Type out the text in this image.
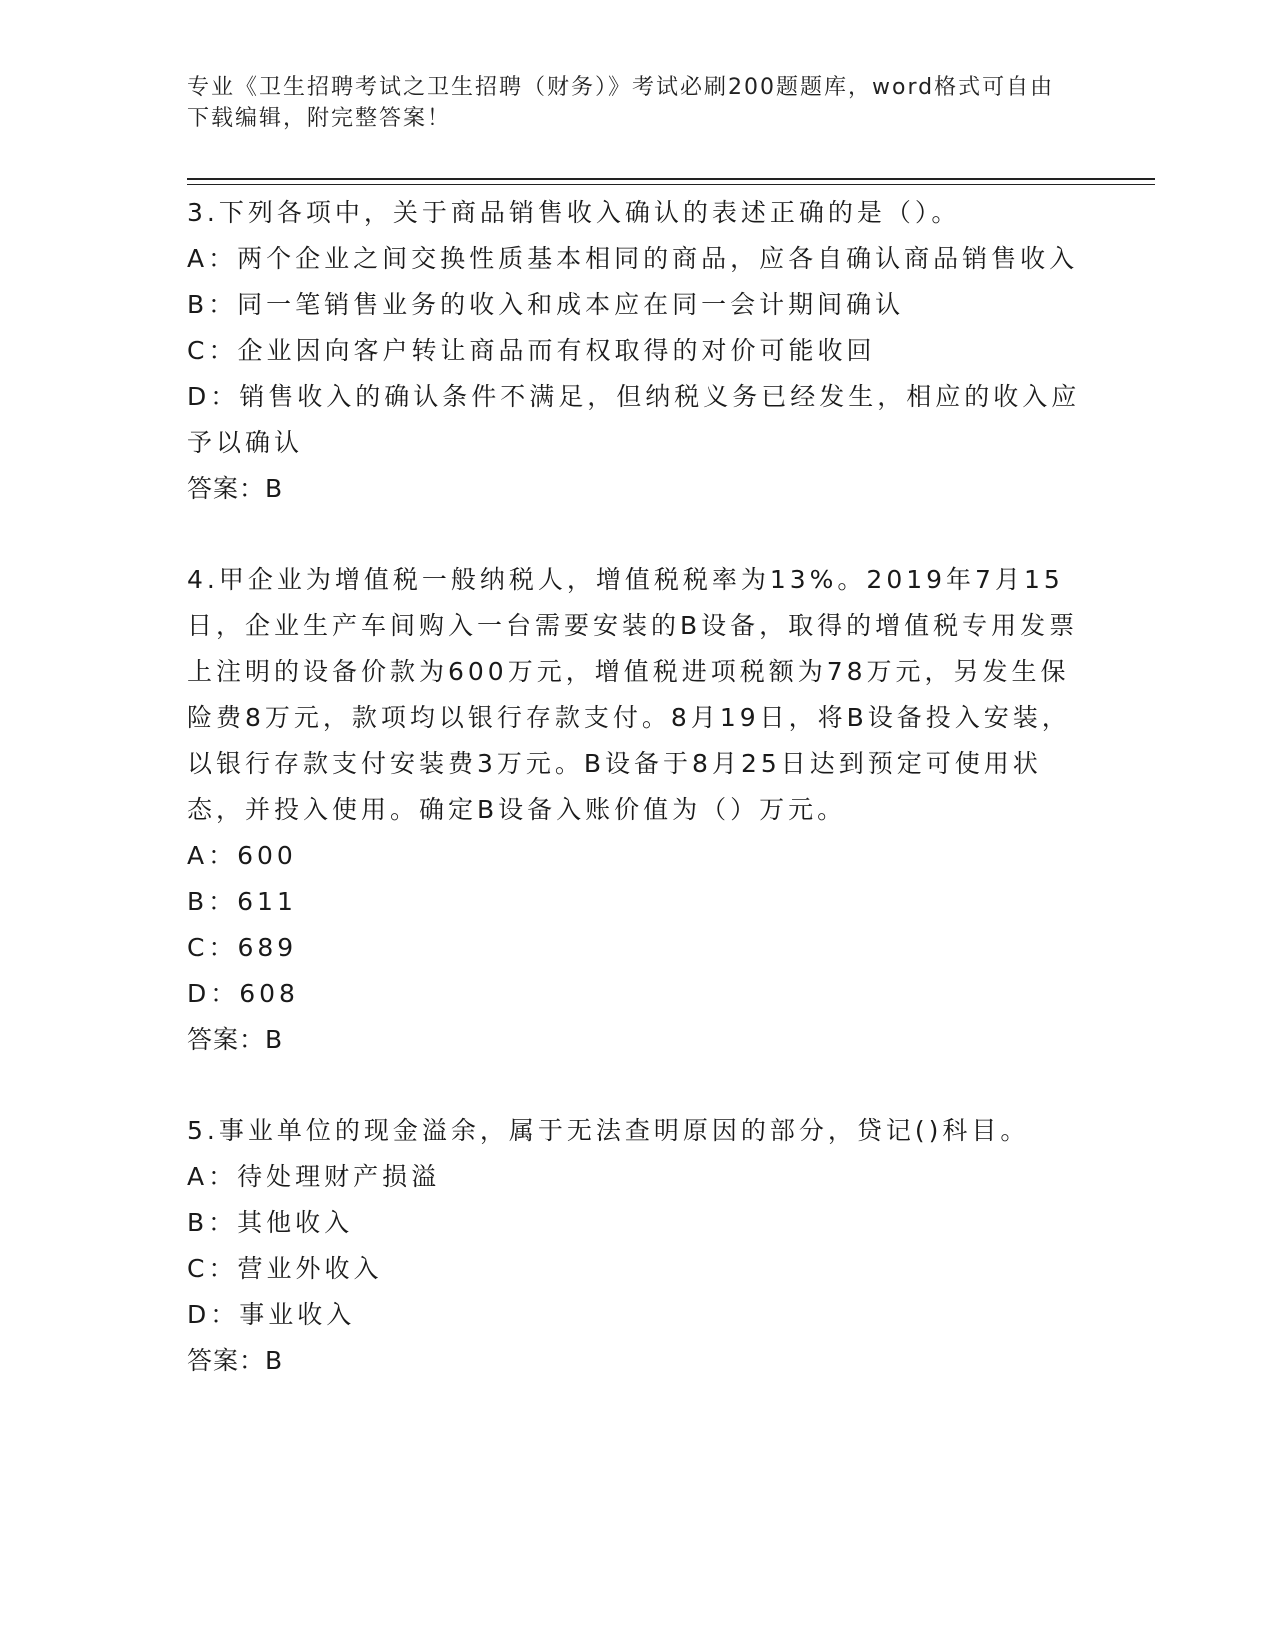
专业《卫生招聘考试之卫生招聘（财务）》考试必刷200题题库，word格式可自由下载编辑，附完整答案！

3.下列各项中，关于商品销售收入确认的表述正确的是（）。

A：两个企业之间交换性质基本相同的商品，应各自确认商品销售收入

B：同一笔销售业务的收入和成本应在同一会计期间确认

C：企业因向客户转让商品而有权取得的对价可能收回

D：销售收入的确认条件不满足，但纳税义务已经发生，相应的收入应予以确认

答案：B

4.甲企业为增值税一般纳税人，增值税税率为13%。2019年7月15日，企业生产车间购入一台需要安装的B设备，取得的增值税专用发票上注明的设备价款为600万元，增值税进项税额为78万元，另发生保险费8万元，款项均以银行存款支付。8月19日，将B设备投入安装，以银行存款支付安装费3万元。B设备于8月25日达到预定可使用状态，并投入使用。确定B设备入账价值为（）万元。

A：600

B：611

C：689

D：608

答案：B

5.事业单位的现金溢余，属于无法查明原因的部分，贷记()科目。

A：待处理财产损溢

B：其他收入

C：营业外收入

D：事业收入

答案：B
